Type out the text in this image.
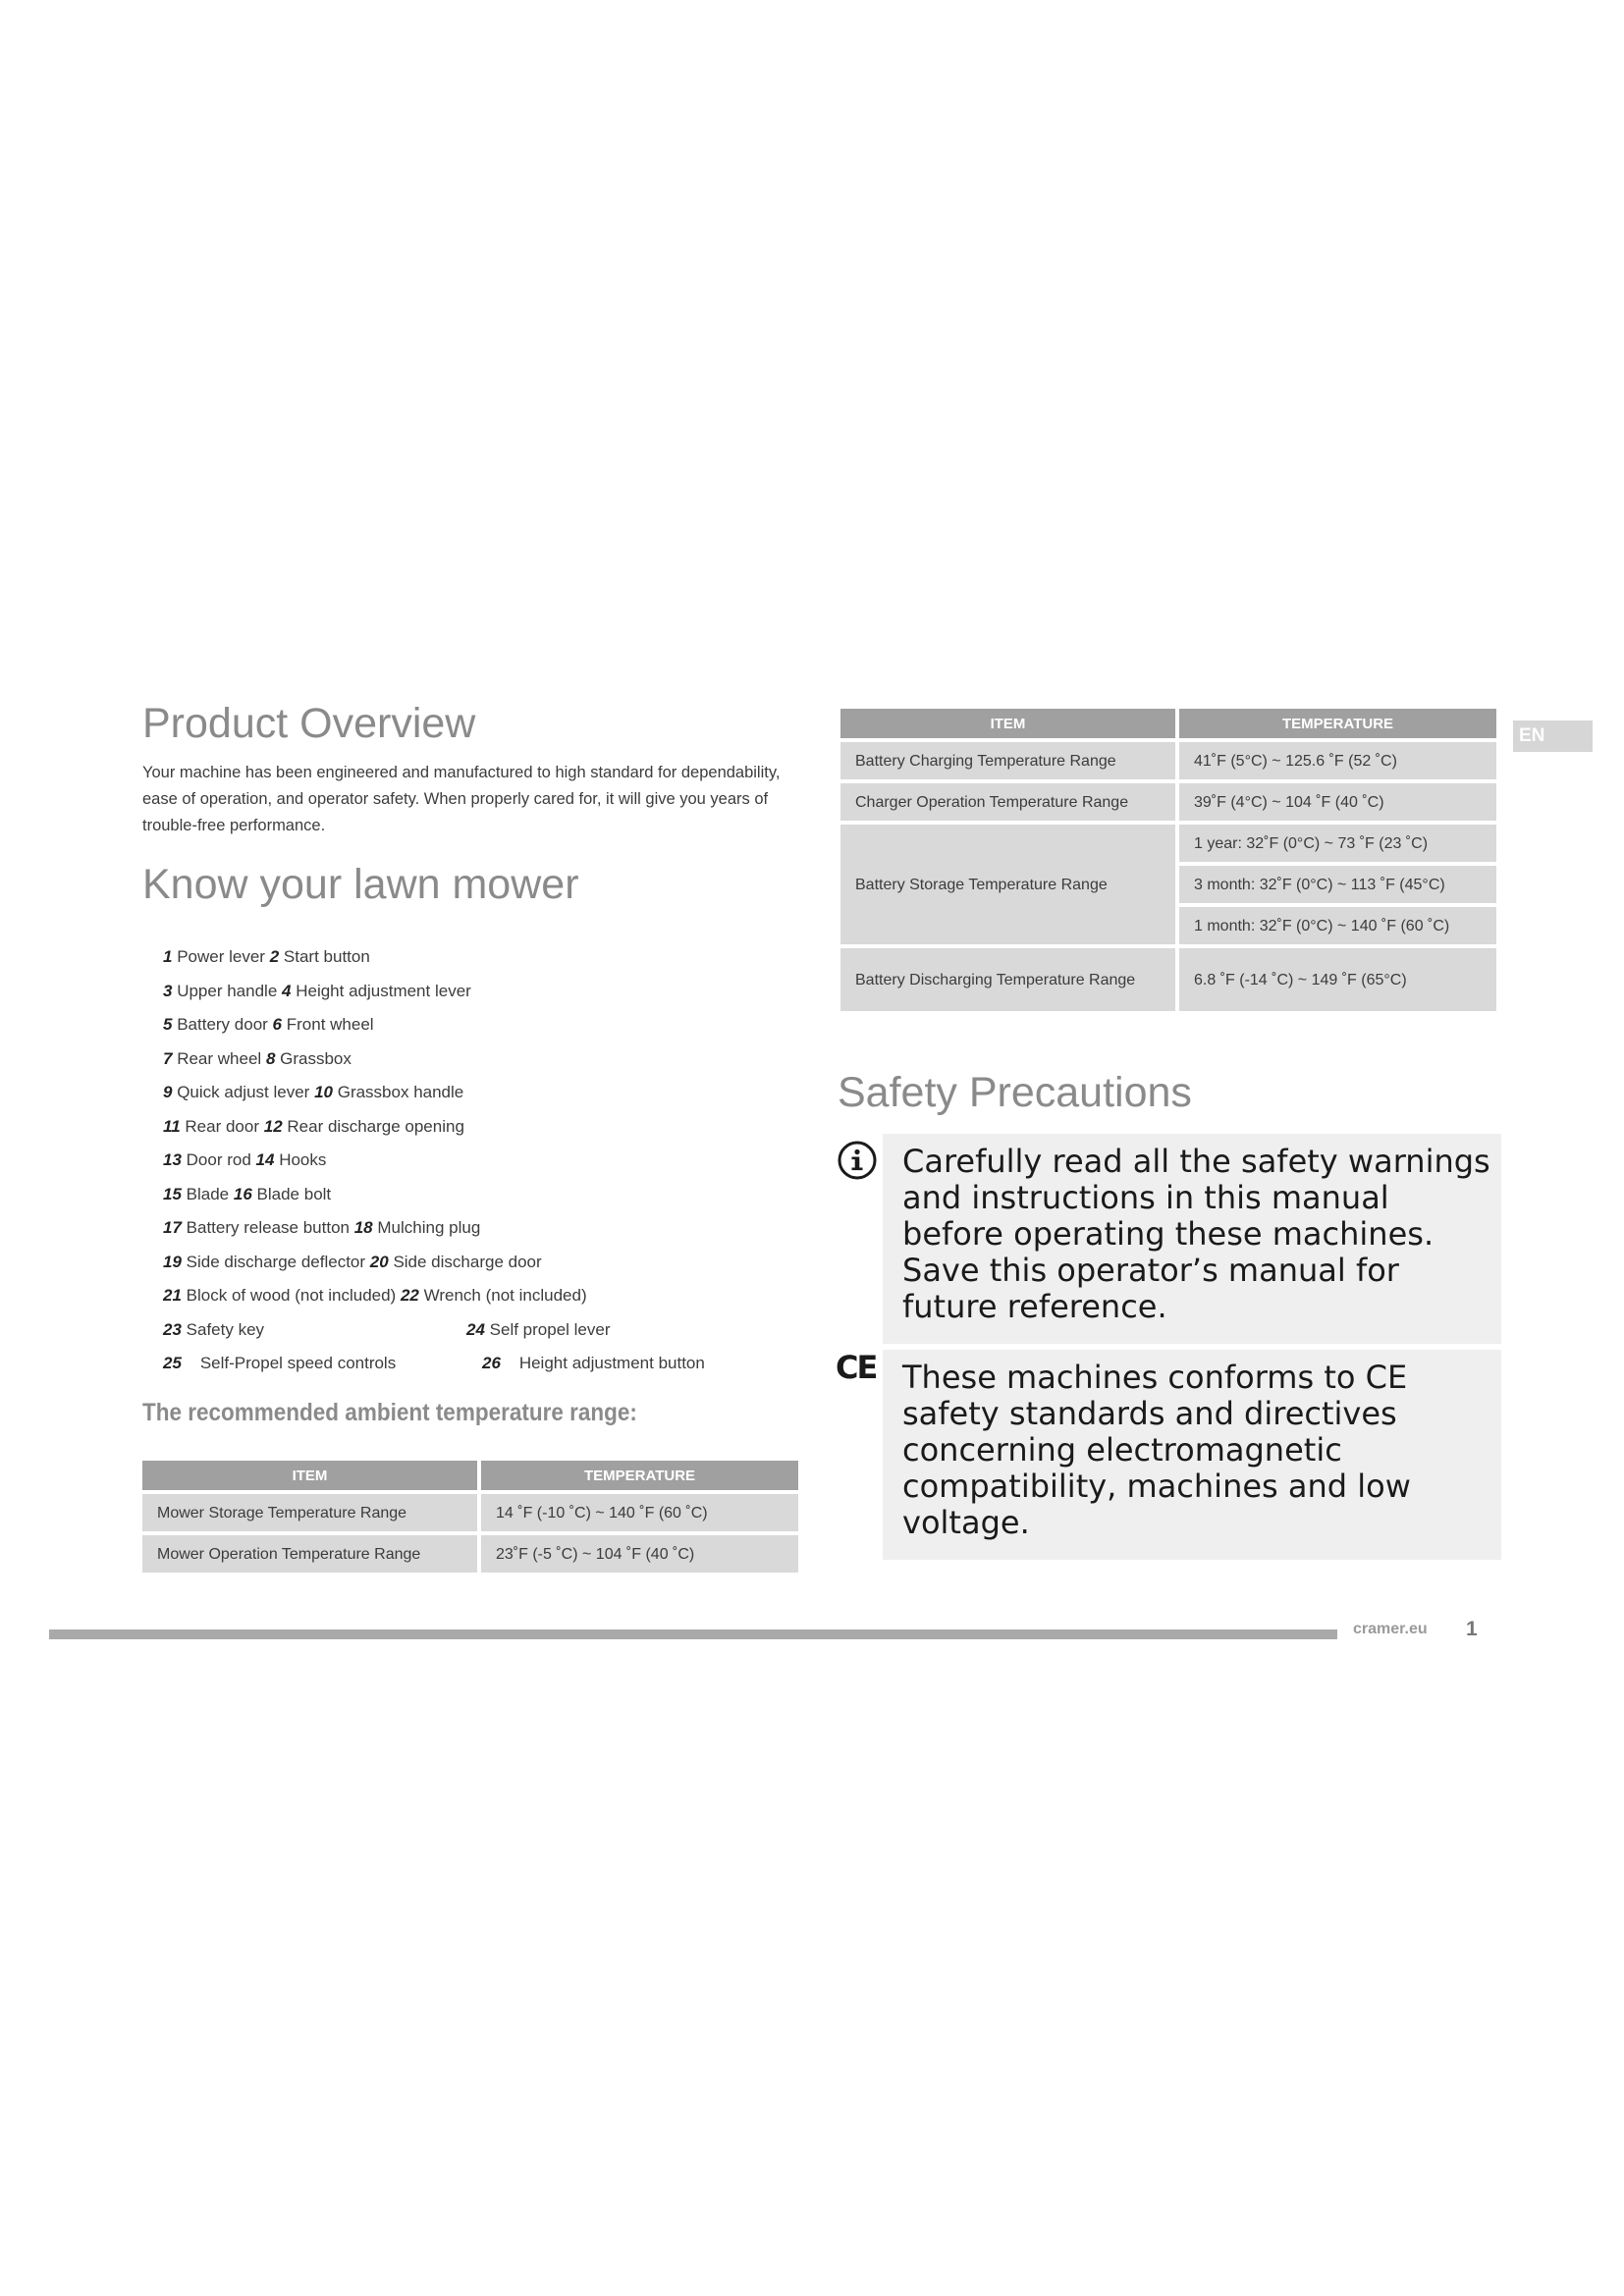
Product Overview
Your machine has been engineered and manufactured to high standard for dependability, ease of operation, and operator safety. When properly cared for, it will give you years of trouble-free performance.
Know your lawn mower
1 Power lever 2 Start button
3 Upper handle 4 Height adjustment lever
5 Battery door 6 Front wheel
7 Rear wheel 8 Grassbox
9 Quick adjust lever 10 Grassbox handle
11 Rear door 12 Rear discharge opening
13 Door rod 14 Hooks
15 Blade 16 Blade bolt
17 Battery release button 18 Mulching plug
19 Side discharge deflector 20 Side discharge door
21 Block of wood (not included) 22 Wrench (not included)
23 Safety key	24 Self propel lever
25 Self-Propel speed controls	26 Height adjustment button
The recommended ambient temperature range:
ITEM	TEMPERATURE
Mower Storage Temperature Range	14 ˚F (-10 ˚C) ~ 140 ˚F (60 ˚C)
Mower Operation Temperature Range	23˚F (-5 ˚C) ~ 104 ˚F (40 ˚C)
ITEM	TEMPERATURE
Battery Charging Temperature Range	41˚F (5°C) ~ 125.6 ˚F (52 ˚C)
Charger Operation Temperature Range	39˚F (4°C) ~ 104 ˚F (40 ˚C)
Battery Storage Temperature Range	1 year: 32˚F (0°C) ~ 73 ˚F (23 ˚C)
	3 month: 32˚F (0°C) ~ 113 ˚F (45°C)
	1 month: 32˚F (0°C) ~ 140 ˚F (60 ˚C)
Battery Discharging Temperature Range	6.8 ˚F (-14 ˚C) ~ 149 ˚F (65°C)
EN
Safety Precautions
Carefully read all the safety warnings and instructions in this manual before operating these machines. Save this operator’s manual for future reference.
CE These machines conforms to CE safety standards and directives concerning electromagnetic compatibility, machines and low voltage.
cramer.eu 1
